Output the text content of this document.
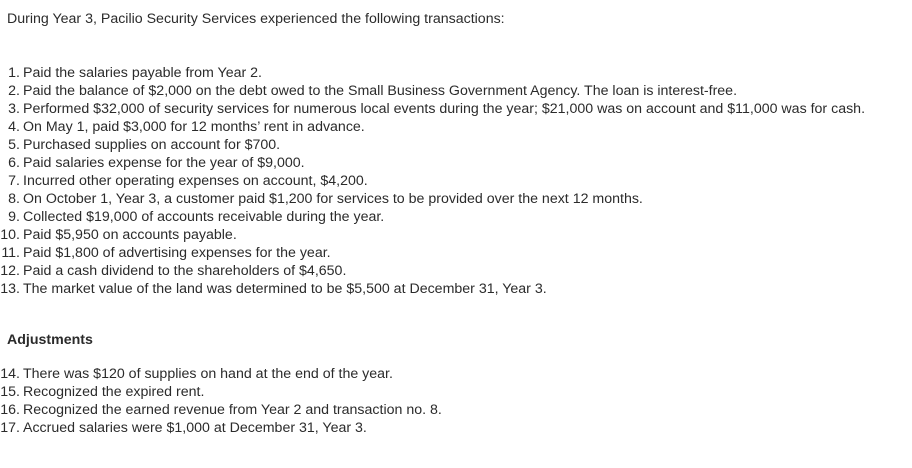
During Year 3, Pacilio Security Services experienced the following transactions:
1. Paid the salaries payable from Year 2.
2. Paid the balance of $2,000 on the debt owed to the Small Business Government Agency. The loan is interest-free.
3. Performed $32,000 of security services for numerous local events during the year; $21,000 was on account and $11,000 was for cash.
4. On May 1, paid $3,000 for 12 months’ rent in advance.
5. Purchased supplies on account for $700.
6. Paid salaries expense for the year of $9,000.
7. Incurred other operating expenses on account, $4,200.
8. On October 1, Year 3, a customer paid $1,200 for services to be provided over the next 12 months.
9. Collected $19,000 of accounts receivable during the year.
10. Paid $5,950 on accounts payable.
11. Paid $1,800 of advertising expenses for the year.
12. Paid a cash dividend to the shareholders of $4,650.
13. The market value of the land was determined to be $5,500 at December 31, Year 3.
Adjustments
14. There was $120 of supplies on hand at the end of the year.
15. Recognized the expired rent.
16. Recognized the earned revenue from Year 2 and transaction no. 8.
17. Accrued salaries were $1,000 at December 31, Year 3.
